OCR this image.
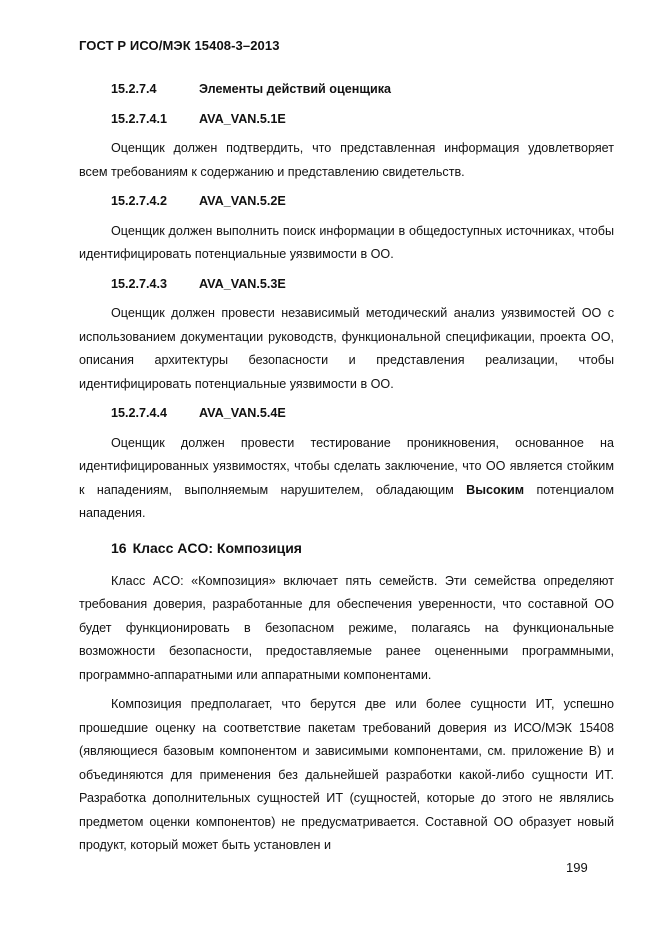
ГОСТ Р ИСО/МЭК 15408-3–2013
15.2.7.4	Элементы действий оценщика
15.2.7.4.1	AVA_VAN.5.1E

Оценщик должен подтвердить, что представленная информация удовлетворяет всем требованиям к содержанию и представлению свидетельств.

15.2.7.4.2	AVA_VAN.5.2E

Оценщик должен выполнить поиск информации в общедоступных источниках, чтобы идентифицировать потенциальные уязвимости в ОО.

15.2.7.4.3	AVA_VAN.5.3E

Оценщик должен провести независимый методический анализ уязвимостей ОО с использованием документации руководств, функциональной спецификации, проекта ОО, описания архитектуры безопасности и представления реализации, чтобы идентифицировать потенциальные уязвимости в ОО.

15.2.7.4.4	AVA_VAN.5.4E

Оценщик должен провести тестирование проникновения, основанное на идентифицированных уязвимостях, чтобы сделать заключение, что ОО является стойким к нападениям, выполняемым нарушителем, обладающим Высоким потенциалом нападения.

16 Класс ACO: Композиция

Класс ACO: «Композиция» включает пять семейств. Эти семейства определяют требования доверия, разработанные для обеспечения уверенности, что составной ОО будет функционировать в безопасном режиме, полагаясь на функциональные возможности безопасности, предоставляемые ранее оцененными программными, программно-аппаратными или аппаратными компонентами.

Композиция предполагает, что берутся две или более сущности ИТ, успешно прошедшие оценку на соответствие пакетам требований доверия из ИСО/МЭК 15408 (являющиеся базовым компонентом и зависимыми компонентами, см. приложение В) и объединяются для применения без дальнейшей разработки какой-либо сущности ИТ. Разработка дополнительных сущностей ИТ (сущностей, которые до этого не являлись предметом оценки компонентов) не предусматривается. Составной ОО образует новый продукт, который может быть установлен и

199
